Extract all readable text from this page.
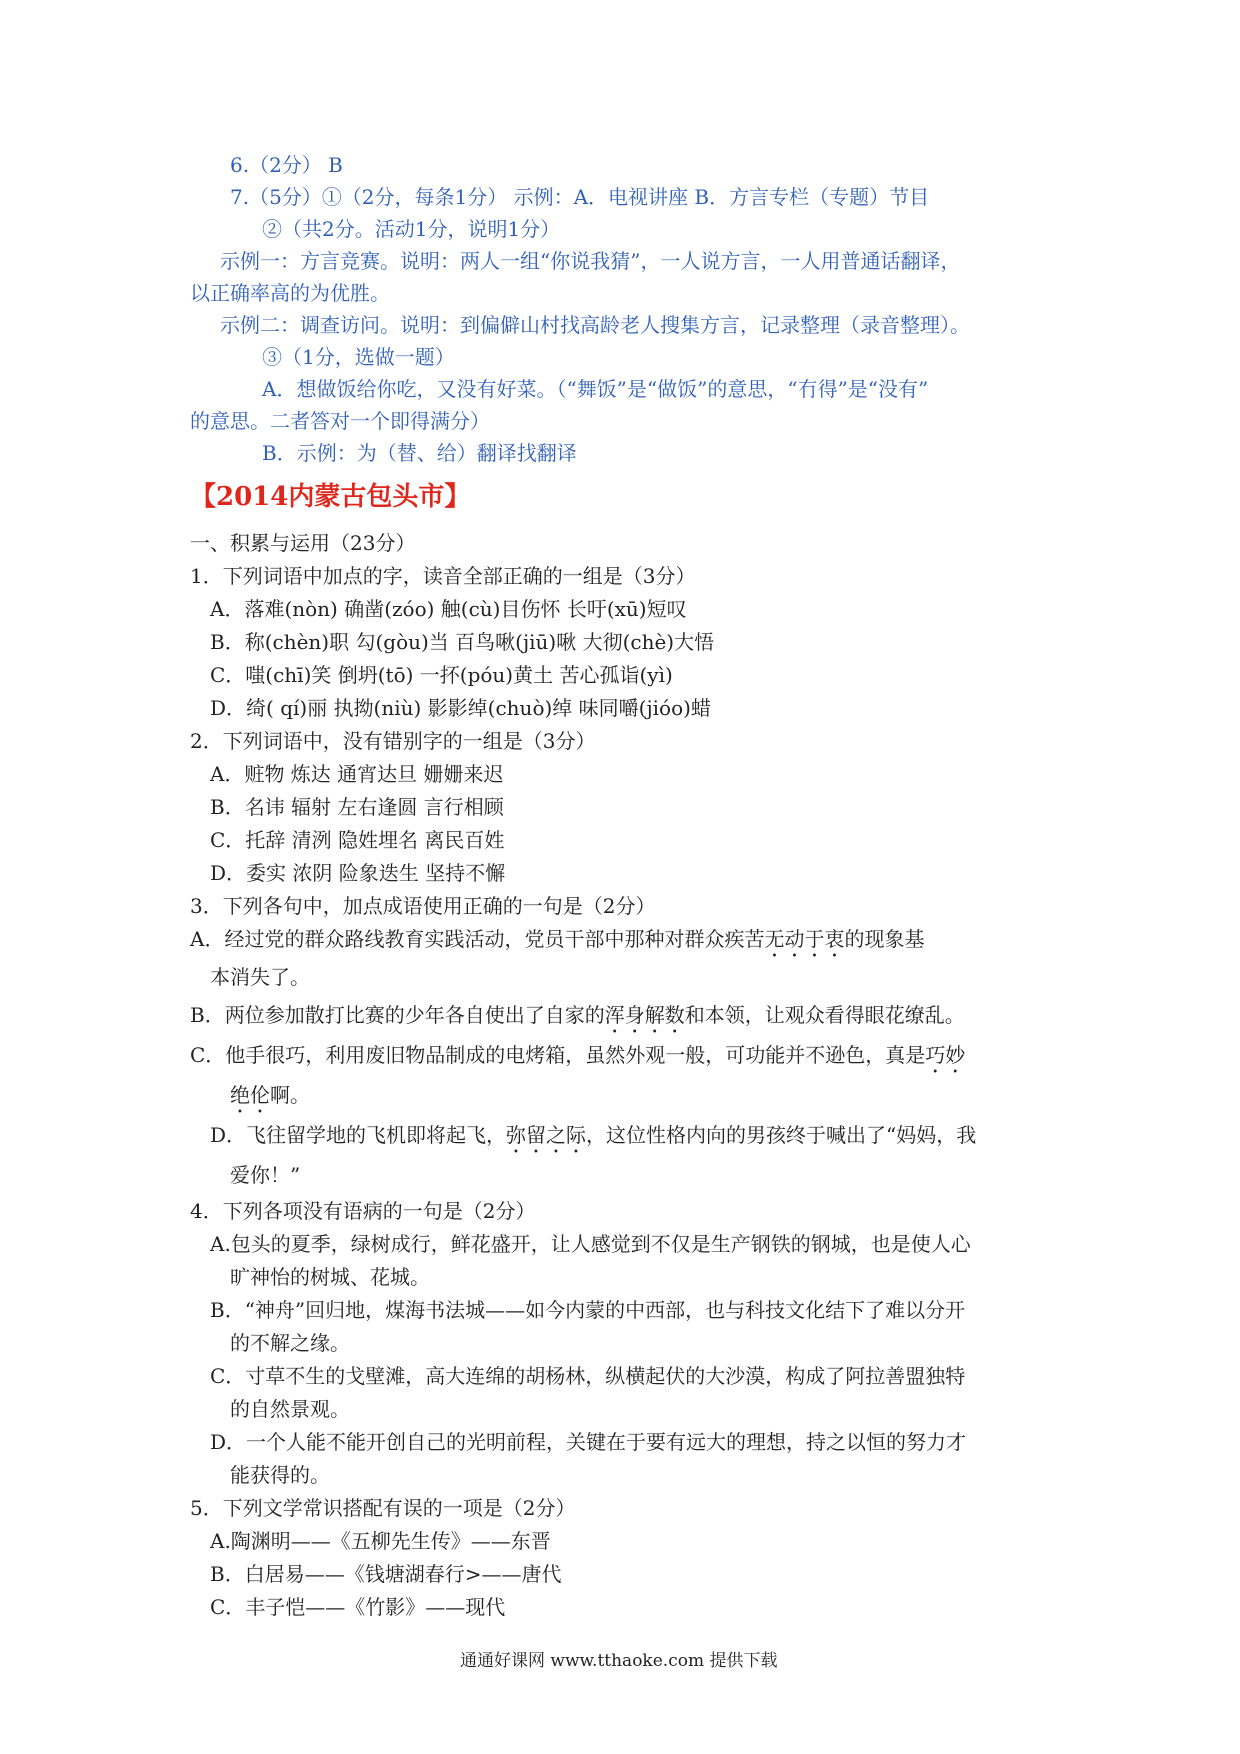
6.（2分） B
7.（5分）①（2分，每条1分） 示例：A．电视讲座 B．方言专栏（专题）节目
②（共2分。活动1分，说明1分）
示例一：方言竞赛。说明：两人一组“你说我猜”，一人说方言，一人用普通话翻译，
以正确率高的为优胜。
示例二：调查访问。说明：到偏僻山村找高龄老人搜集方言，记录整理（录音整理）。
③（1分，选做一题）
A．想做饭给你吃，又没有好菜。（“舞饭”是“做饭”的意思，“冇得”是“没有”
的意思。二者答对一个即得满分）
B．示例：为（替、给）翻译找翻译
【2014内蒙古包头市】
一、积累与运用（23分）
1．下列词语中加点的字，读音全部正确的一组是（3分）
A．落难(nòn) 确凿(zóo) 触(cù)目伤怀 长吁(xū)短叹
B．称(chèn)职 勾(gòu)当 百鸟啾(jiū)啾 大彻(chè)大悟
C．嗤(chī)笑 倒坍(tō) 一抔(póu)黄土 苦心孤诣(yì)
D．绮( qí)丽 执拗(niù) 影影绰(chuò)绰 味同嚼(jióo)蜡
2．下列词语中，没有错别字的一组是（3分）
A．赃物 炼达 通宵达旦 姗姗来迟
B．名讳 辐射 左右逢圆 言行相顾
C．托辞 清洌 隐姓埋名 离民百姓
D．委实 浓阴 险象迭生 坚持不懈
3．下列各句中，加点成语使用正确的一句是（2分）
A．经过党的群众路线教育实践活动，党员干部中那种对群众疾苦无动于衷的现象基
本消失了。
B．两位参加散打比赛的少年各自使出了自家的浑身解数和本领，让观众看得眼花缭乱。
C．他手很巧，利用废旧物品制成的电烤箱，虽然外观一般，可功能并不逊色，真是巧妙
绝伦啊。
D．飞往留学地的飞机即将起飞，弥留之际，这位性格内向的男孩终于喊出了“妈妈，我
爱你！”
4．下列各项没有语病的一句是（2分）
A.包头的夏季，绿树成行，鲜花盛开，让人感觉到不仅是生产钢铁的钢城，也是使人心
旷神怡的树城、花城。
B．“神舟”回归地，煤海书法城——如今内蒙的中西部，也与科技文化结下了难以分开
的不解之缘。
C．寸草不生的戈壁滩，高大连绵的胡杨林，纵横起伏的大沙漠，构成了阿拉善盟独特
的自然景观。
D．一个人能不能开创自己的光明前程，关键在于要有远大的理想，持之以恒的努力才
能获得的。
5．下列文学常识搭配有误的一项是（2分）
A.陶渊明——《五柳先生传》——东晋
B．白居易——《钱塘湖春行>——唐代
C．丰子恺——《竹影》——现代
通通好课网 www.tthaoke.com 提供下载
